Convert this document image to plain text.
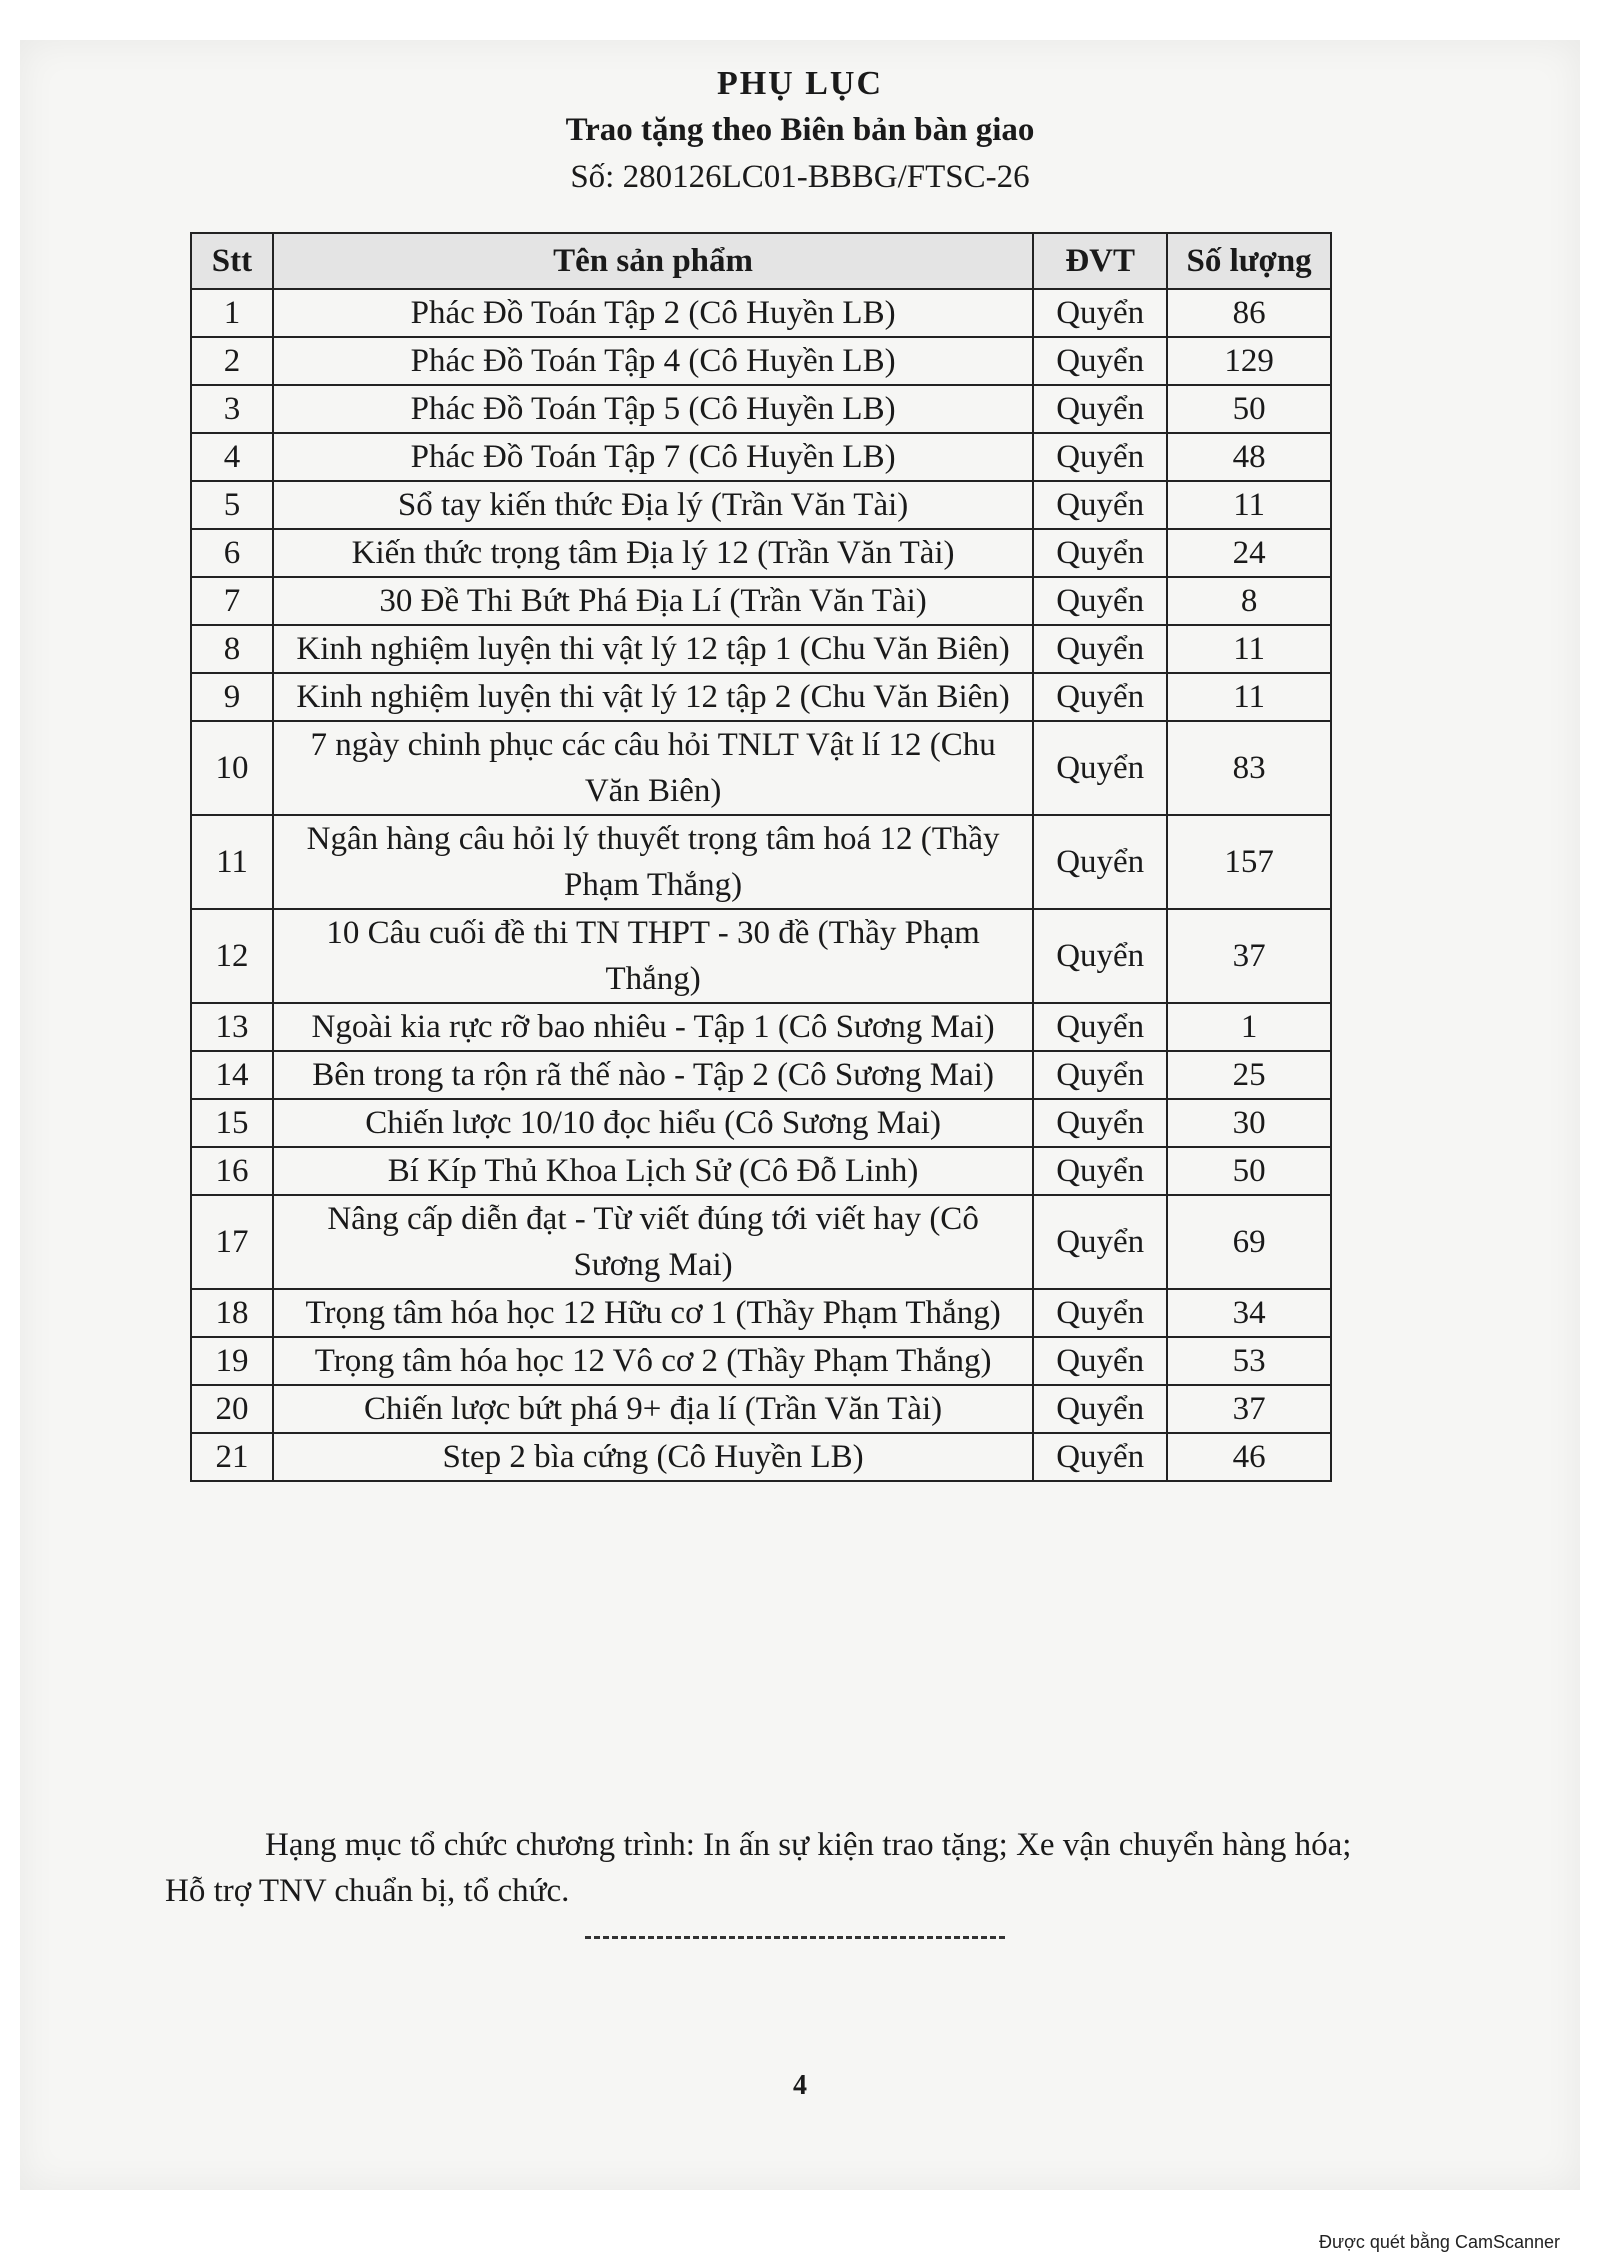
PHỤ LỤC
Trao tặng theo Biên bản bàn giao
Số: 280126LC01-BBBG/FTSC-26
Stt	Tên sản phẩm	ĐVT	Số lượng
1	Phác Đồ Toán Tập 2 (Cô Huyền LB)	Quyển	86
2	Phác Đồ Toán Tập 4 (Cô Huyền LB)	Quyển	129
3	Phác Đồ Toán Tập 5 (Cô Huyền LB)	Quyển	50
4	Phác Đồ Toán Tập 7 (Cô Huyền LB)	Quyển	48
5	Sổ tay kiến thức Địa lý (Trần Văn Tài)	Quyển	11
6	Kiến thức trọng tâm Địa lý 12 (Trần Văn Tài)	Quyển	24
7	30 Đề Thi Bứt Phá Địa Lí (Trần Văn Tài)	Quyển	8
8	Kinh nghiệm luyện thi vật lý 12 tập 1 (Chu Văn Biên)	Quyển	11
9	Kinh nghiệm luyện thi vật lý 12 tập 2 (Chu Văn Biên)	Quyển	11
10	7 ngày chinh phục các câu hỏi TNLT Vật lí 12 (Chu Văn Biên)	Quyển	83
11	Ngân hàng câu hỏi lý thuyết trọng tâm hoá 12 (Thầy Phạm Thắng)	Quyển	157
12	10 Câu cuối đề thi TN THPT - 30 đề (Thầy Phạm Thắng)	Quyển	37
13	Ngoài kia rực rỡ bao nhiêu - Tập 1 (Cô Sương Mai)	Quyển	1
14	Bên trong ta rộn rã thế nào - Tập 2 (Cô Sương Mai)	Quyển	25
15	Chiến lược 10/10 đọc hiểu (Cô Sương Mai)	Quyển	30
16	Bí Kíp Thủ Khoa Lịch Sử (Cô Đỗ Linh)	Quyển	50
17	Nâng cấp diễn đạt - Từ viết đúng tới viết hay (Cô Sương Mai)	Quyển	69
18	Trọng tâm hóa học 12 Hữu cơ 1 (Thầy Phạm Thắng)	Quyển	34
19	Trọng tâm hóa học 12 Vô cơ 2 (Thầy Phạm Thắng)	Quyển	53
20	Chiến lược bứt phá 9+ địa lí (Trần Văn Tài)	Quyển	37
21	Step 2 bìa cứng (Cô Huyền LB)	Quyển	46
Hạng mục tổ chức chương trình: In ấn sự kiện trao tặng; Xe vận chuyển hàng hóa; Hỗ trợ TNV chuẩn bị, tổ chức.
4
Được quét bằng CamScanner
